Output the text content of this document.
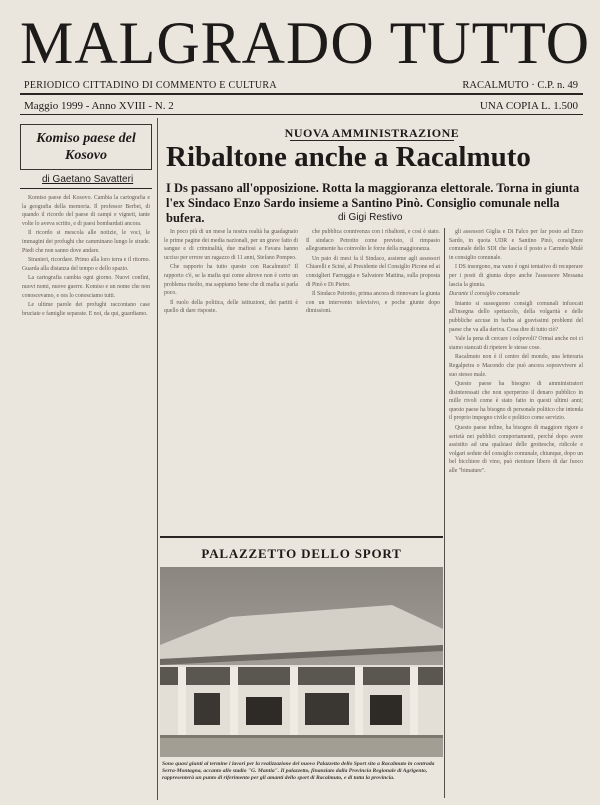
MALGRADO TUTTO
PERIODICO CITTADINO DI COMMENTO E CULTURA	RACALMUTO · C.P. n. 49
Maggio 1999 - Anno XVIII - N. 2	UNA COPIA L. 1.500
Komiso paese del Kosovo
di Gaetano Savatteri

Komiso paese del Kosovo. Cambia la cartografia e la geografia della memoria. Il professor Berbei, di quando il ricordo del paese di campi e vigneti, tante volte lo aveva scritto, e di paesi bombardati ancora.

Il ricordo si mescola alle notizie, le voci, le immagini dei profughi che camminano lungo le strade. Piedi che non sanno dove andare.

Stranieri, ricordare. Primo alla loro terra e il ritorno. Guarda alla distanza del tempo e dello spazio.

La cartografia cambia ogni giorno. Nuovi confini, nuovi nomi, nuove guerre. Komiso e un nome che non conoscevamo, e ora lo conosciamo tutti.

Le ultime parole dei profughi raccontano case bruciate e famiglie separate. E noi, da qui, guardiamo.

NUOVA AMMINISTRAZIONE
Ribaltone anche a Racalmuto
I Ds passano all'opposizione. Rotta la maggioranza elettorale. Torna in giunta l'ex Sindaco Enzo Sardo insieme a Santino Pinò. Consiglio comunale nella bufera.	di Gigi Restivo

In poco più di un mese la nostra realtà ha guadagnato le prime pagine dei media nazionali, per un grave fatto di sangue e di criminalità, due mafiosi a Favara hanno ucciso per errore un ragazzo di 11 anni, Stefano Pompeo.

Che rapporto ha tutto questo con Racalmuto? Il rapporto c'è, se la mafia qui come altrove non è certo un problema risolto, ma sappiamo bene che di mafia si parla poco.

Il ruolo della politica, delle istituzioni, dei partiti è quello di dare risposte.

che pubblica connivenza con i ribaltoni, e così è stato. Il sindaco Petrotto come previsto, il rimpasto allegramente ha coinvolto le forze della maggioranza.

Un paio di mesi fa il Sindaco, assieme agli assessori Chiarelli e Sciné, al Presidente del Consiglio Picone ed ai consiglieri Farruggia e Salvatore Mattina, sulla proposta di Pinò e Di Pietro.

Il Sindaco Petrotto, prima ancora di rinnovare la giunta con un intervento televisivo, e poche giunte dopo dimissioni.

gli assessori Giglia e Di Falco per far posto ad Enzo Sardo, in quota UDR e Santino Pinò, consigliere comunale dello SDI che lascia il posto a Carmelo Mulè in consiglio comunale.

I DS insorgono, ma vano è ogni tentativo di recuperare per i posti di giunta dopo anche l'assessore Messana lascia la giunta.

Durante il consiglio comunale

Intanto si susseguono consigli comunali infuocati all'insegna dello spettacolo, della volgarità e delle pubbliche accuse in barba ai gravissimi problemi del paese che va alla deriva. Cosa dire di tutto ciò?

Vale la pena di cercare i colpevoli? Ormai anche noi ci siamo stancati di ripetere le stesse cose.

Racalmuto non è il centro del mondo, una letteraria Regalpetra o Macondo che può ancora sopravvivere al suo stesso male.

Questo paese ha bisogno di amministratori disinteressati che non sperperino il denaro pubblico in mille rivoli come è stato fatto in questi ultimi anni; questo paese ha bisogno di personale politico che intenda il proprio impegno civile e politico come servizio.

Questo paese infine, ha bisogno di maggiore rigore e serietà nei pubblici comportamenti, perché dopo avere assistito ad una qualsiasi delle grottesche, ridicole e volgari sedute del consiglio comunale, chiunque, dopo un bel bicchiere di vino, può rientrare libero di dar fuoco alle "bimature".

PALAZZETTO DELLO SPORT
Sono quasi giunti al termine i lavori per la realizzazione del nuovo Palazzetto dello Sport sito a Racalmuto in contrada Serra-Montagna, accanto allo stadio "G. Mantia". Il palazzetto, finanziato dalla Provincia Regionale di Agrigento, rappresenterà un punto di riferimento per gli amanti dello sport di Racalmuto, e di tutta la provincia.
